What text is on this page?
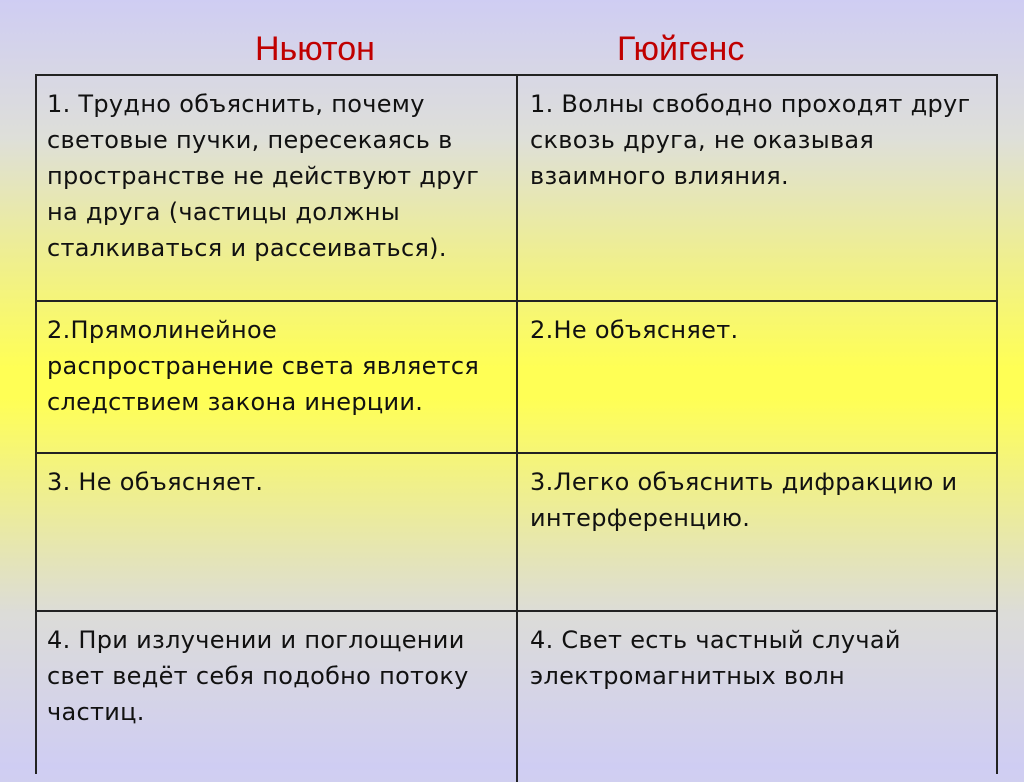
Ньютон	Гюйгенс
1. Трудно объяснить, почему световые пучки, пересекаясь в пространстве не действуют друг на друга (частицы должны сталкиваться и рассеиваться).
1. Волны свободно проходят друг сквозь друга, не оказывая взаимного влияния.
2.Прямолинейное распространение света является следствием закона инерции.
2.Не объясняет.
3. Не объясняет.	3.Легко объяснить дифракцию и интерференцию.
4. При излучении и поглощении свет ведёт себя подобно потоку частиц.
4. Свет есть частный случай электромагнитных волн
